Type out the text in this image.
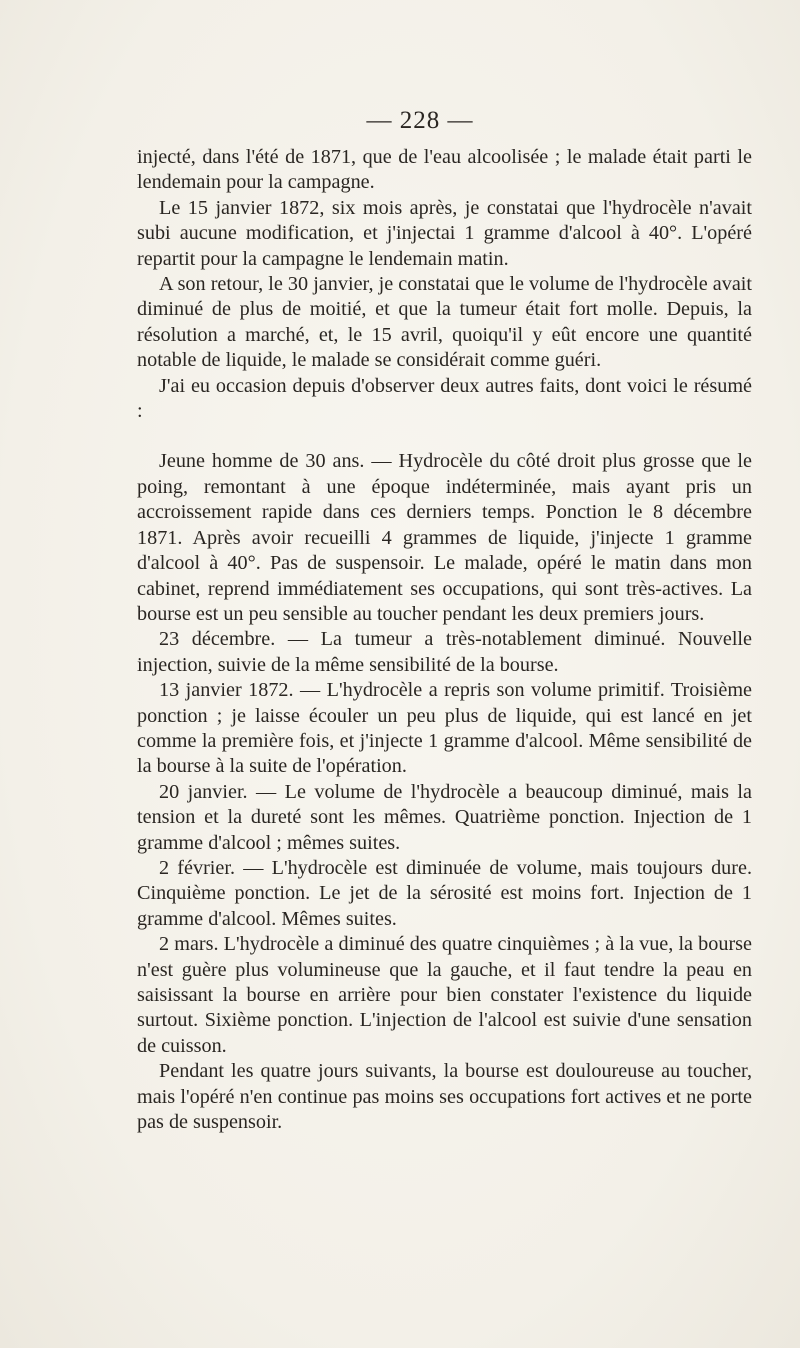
— 228 —

injecté, dans l'été de 1871, que de l'eau alcoolisée ; le malade était parti le lendemain pour la campagne.

Le 15 janvier 1872, six mois après, je constatai que l'hydrocèle n'avait subi aucune modification, et j'injectai 1 gramme d'alcool à 40°. L'opéré repartit pour la campagne le lendemain matin.

A son retour, le 30 janvier, je constatai que le volume de l'hydrocèle avait diminué de plus de moitié, et que la tumeur était fort molle. Depuis, la résolution a marché, et, le 15 avril, quoiqu'il y eût encore une quantité notable de liquide, le malade se considérait comme guéri.

J'ai eu occasion depuis d'observer deux autres faits, dont voici le résumé :

Jeune homme de 30 ans. — Hydrocèle du côté droit plus grosse que le poing, remontant à une époque indéterminée, mais ayant pris un accroissement rapide dans ces derniers temps. Ponction le 8 décembre 1871. Après avoir recueilli 4 grammes de liquide, j'injecte 1 gramme d'alcool à 40°. Pas de suspensoir. Le malade, opéré le matin dans mon cabinet, reprend immédiatement ses occupations, qui sont très-actives. La bourse est un peu sensible au toucher pendant les deux premiers jours.

23 décembre. — La tumeur a très-notablement diminué. Nouvelle injection, suivie de la même sensibilité de la bourse.

13 janvier 1872. — L'hydrocèle a repris son volume primitif. Troisième ponction ; je laisse écouler un peu plus de liquide, qui est lancé en jet comme la première fois, et j'injecte 1 gramme d'alcool. Même sensibilité de la bourse à la suite de l'opération.

20 janvier. — Le volume de l'hydrocèle a beaucoup diminué, mais la tension et la dureté sont les mêmes. Quatrième ponction. Injection de 1 gramme d'alcool ; mêmes suites.

2 février. — L'hydrocèle est diminuée de volume, mais toujours dure. Cinquième ponction. Le jet de la sérosité est moins fort. Injection de 1 gramme d'alcool. Mêmes suites.

2 mars. L'hydrocèle a diminué des quatre cinquièmes ; à la vue, la bourse n'est guère plus volumineuse que la gauche, et il faut tendre la peau en saisissant la bourse en arrière pour bien constater l'existence du liquide surtout. Sixième ponction. L'injection de l'alcool est suivie d'une sensation de cuisson.

Pendant les quatre jours suivants, la bourse est douloureuse au toucher, mais l'opéré n'en continue pas moins ses occupations fort actives et ne porte pas de suspensoir.
